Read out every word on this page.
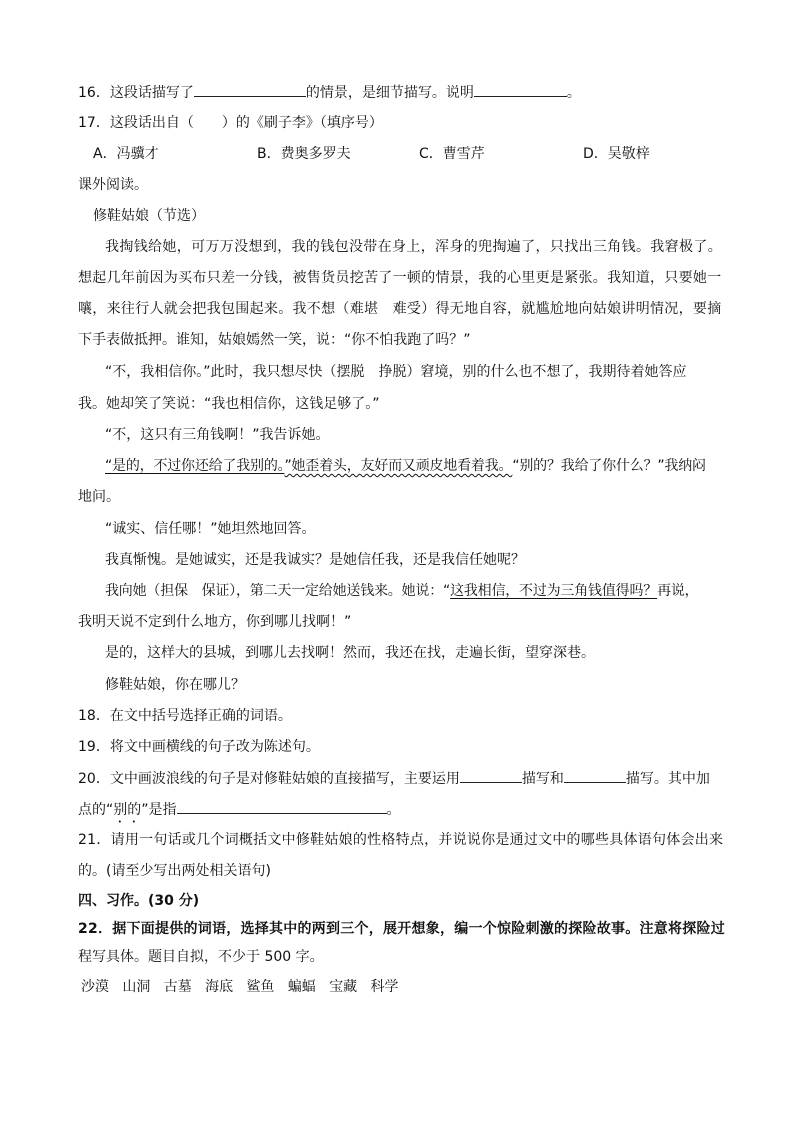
16．这段话描写了	的情景，是细节描写。说明	。
17．这段话出自（　　）的《刷子李》（填序号）
A．冯骥才	B．费奥多罗夫	C．曹雪芹	D．吴敬梓
课外阅读。
修鞋姑娘（节选）
我掏钱给她，可万万没想到，我的钱包没带在身上，浑身的兜掏遍了，只找出三角钱。我窘极了。
想起几年前因为买布只差一分钱，被售货员挖苦了一顿的情景，我的心里更是紧张。我知道，只要她一
嚷，来往行人就会把我包围起来。我不想（难堪　难受）得无地自容，就尴尬地向姑娘讲明情况，要摘
下手表做抵押。谁知，姑娘嫣然一笑，说：“你不怕我跑了吗？”
“不，我相信你。”此时，我只想尽快（摆脱　挣脱）窘境，别的什么也不想了，我期待着她答应
我。她却笑了笑说：“我也相信你，这钱足够了。”
“不，这只有三角钱啊！”我告诉她。
“是的，不过你还给了我别的。”她歪着头，友好而又顽皮地看着我。“别的？我给了你什么？”我纳闷
地问。
“诚实、信任哪！”她坦然地回答。
我真惭愧。是她诚实，还是我诚实？是她信任我，还是我信任她呢？
我向她（担保　保证），第二天一定给她送钱来。她说：“这我相信，不过为三角钱值得吗？再说，
我明天说不定到什么地方，你到哪儿找啊！”
是的，这样大的县城，到哪儿去找啊！然而，我还在找，走遍长街，望穿深巷。
修鞋姑娘，你在哪儿？
18．在文中括号选择正确的词语。
19．将文中画横线的句子改为陈述句。
20．文中画波浪线的句子是对修鞋姑娘的直接描写，主要运用	描写和	描写。其中加
点的“别的”是指	。
21．请用一句话或几个词概括文中修鞋姑娘的性格特点，并说说你是通过文中的哪些具体语句体会出来
的。(请至少写出两处相关语句)
四、习作。(30 分)
22．据下面提供的词语，选择其中的两到三个，展开想象，编一个惊险刺激的探险故事。注意将探险过
程写具体。题目自拟，不少于 500 字。
沙漠 山洞 古墓 海底 鲨鱼 蝙蝠 宝藏 科学
